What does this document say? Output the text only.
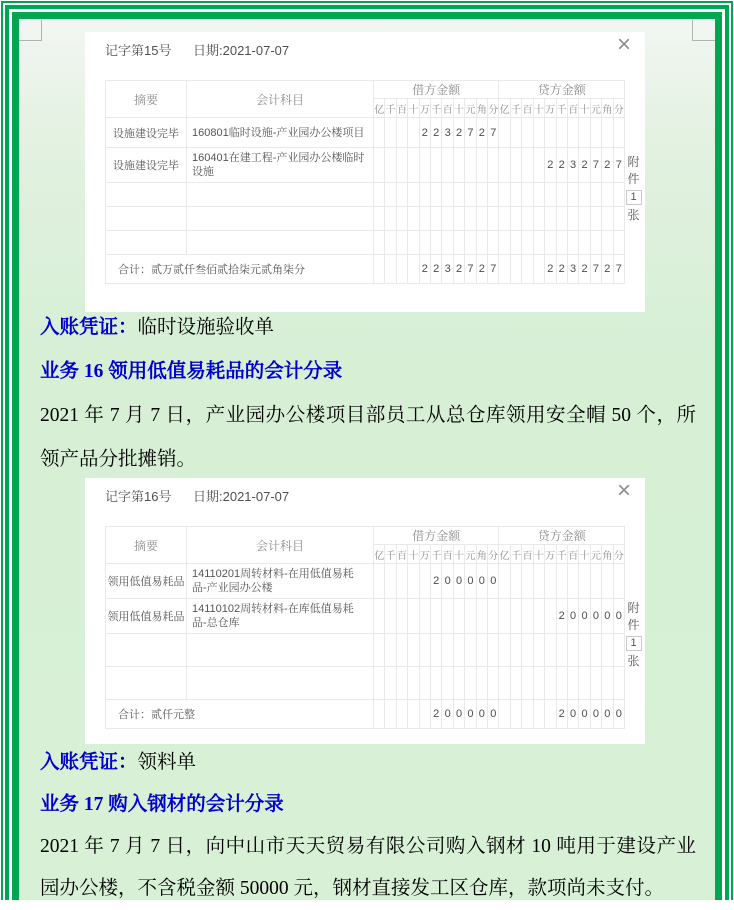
记字第15号 日期:2021-07-07	×
摘要	会计科目	借方金额											贷方金额										
		亿	千	百	十	万	千	百	十	元	角	分	亿	千	百	十	万	千	百	十	元	角	分
设施建设完毕	160801临时设施-产业园办公楼项目					2	2	3	2	7	2	7											
设施建设完毕	160401在建工程-产业园办公楼临时设施																2	2	3	2	7	2	7

合计：贰万贰仟叁佰贰拾柒元贰角柒分						2	2	3	2	7	2	7					2	2	3	2	7	2	7
附
件
1
张
入账凭证：临时设施验收单
业务 16 领用低值易耗品的会计分录
2021 年 7 月 7 日，产业园办公楼项目部员工从总仓库领用安全帽 50 个，所领产品分批摊销。
记字第16号 日期:2021-07-07	×
摘要	会计科目	借方金额											贷方金额										
		亿	千	百	十	万	千	百	十	元	角	分	亿	千	百	十	万	千	百	十	元	角	分
领用低值易耗品	14110201周转材料-在用低值易耗品-产业园办公楼						2	0	0	0	0	0											
领用低值易耗品	14110102周转材料-在库低值易耗品-总仓库																	2	0	0	0	0	0

合计：贰仟元整							2	0	0	0	0	0						2	0	0	0	0	0
附
件
1
张
入账凭证：领料单
业务 17 购入钢材的会计分录
2021 年 7 月 7 日，向中山市天天贸易有限公司购入钢材 10 吨用于建设产业园办公楼，不含税金额 50000 元，钢材直接发工区仓库，款项尚未支付。
